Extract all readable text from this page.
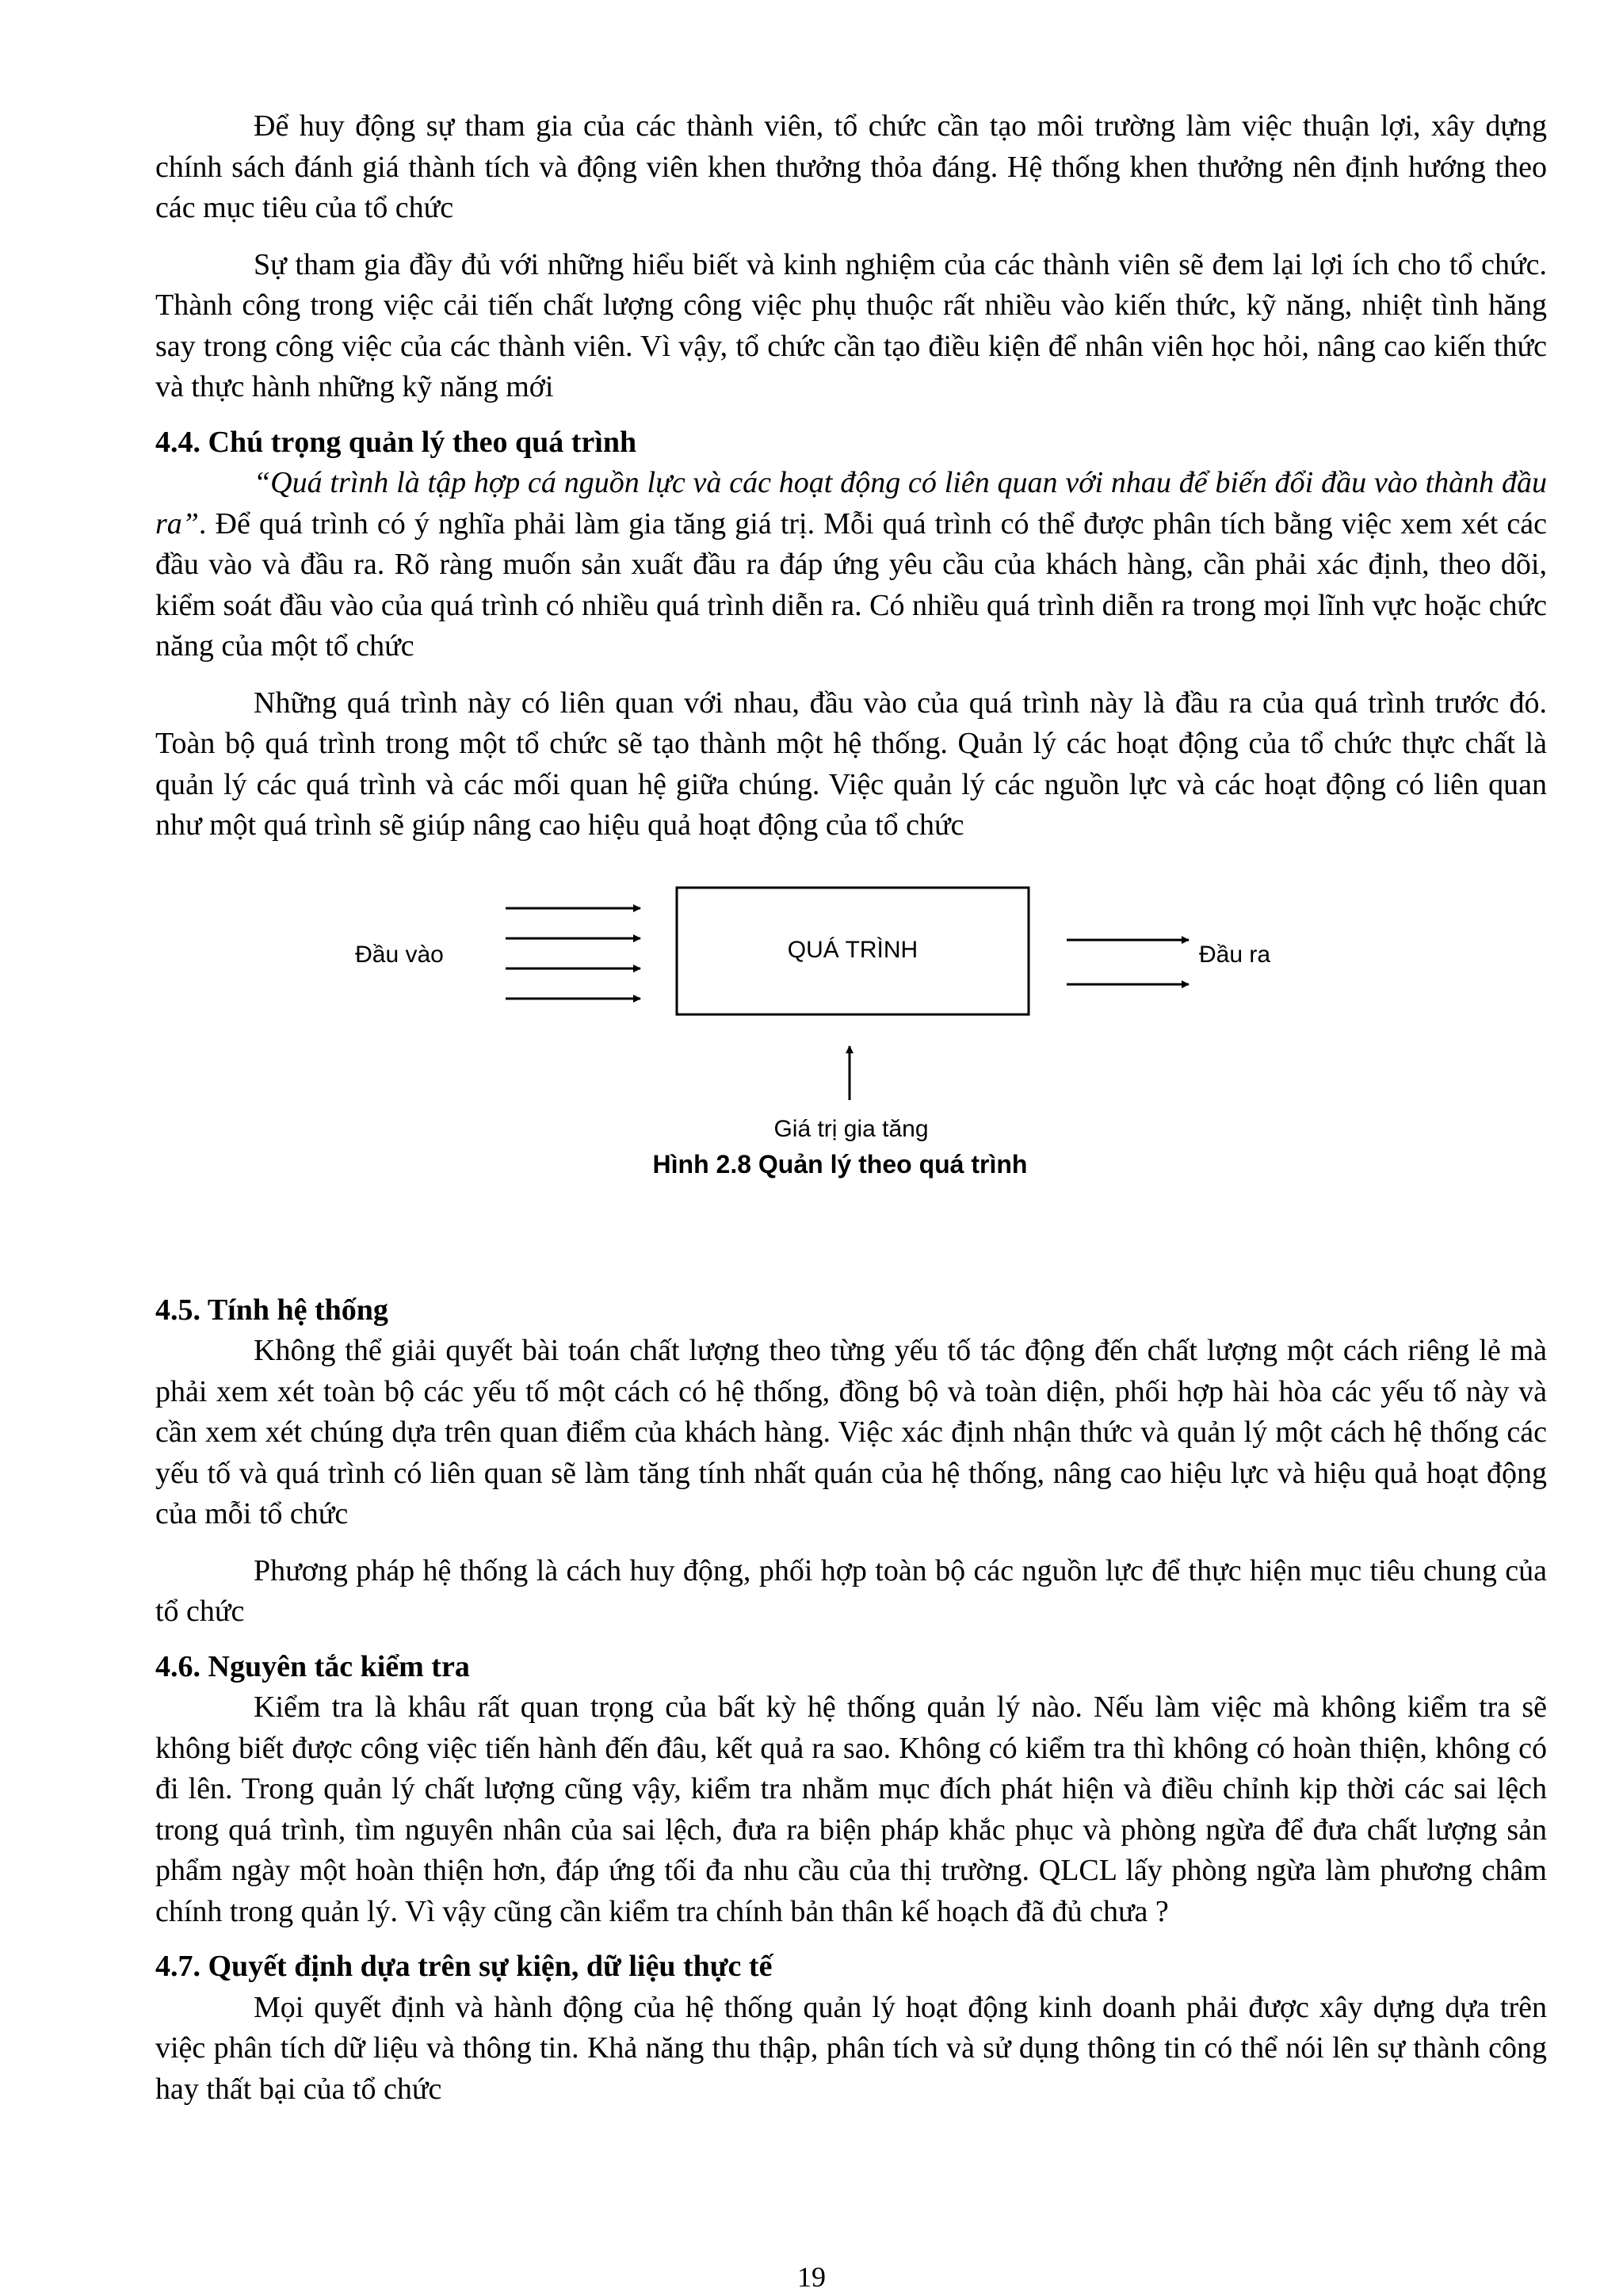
Để huy động sự tham gia của các thành viên, tổ chức cần tạo môi trường làm việc thuận lợi, xây dựng chính sách đánh giá thành tích và động viên khen thưởng thỏa đáng. Hệ thống khen thưởng nên định hướng theo các mục tiêu của tổ chức

Sự tham gia đầy đủ với những hiểu biết và kinh nghiệm của các thành viên sẽ đem lại lợi ích cho tổ chức. Thành công trong việc cải tiến chất lượng công việc phụ thuộc rất nhiều vào kiến thức, kỹ năng, nhiệt tình hăng say trong công việc của các thành viên. Vì vậy, tổ chức cần tạo điều kiện để nhân viên học hỏi, nâng cao kiến thức và thực hành những kỹ năng mới

4.4. Chú trọng quản lý theo quá trình

“Quá trình là tập hợp cá nguồn lực và các hoạt động có liên quan với nhau để biến đổi đầu vào thành đầu ra”. Để quá trình có ý nghĩa phải làm gia tăng giá trị. Mỗi quá trình có thể được phân tích bằng việc xem xét các đầu vào và đầu ra. Rõ ràng muốn sản xuất đầu ra đáp ứng yêu cầu của khách hàng, cần phải xác định, theo dõi, kiểm soát đầu vào của quá trình có nhiều quá trình diễn ra. Có nhiều quá trình diễn ra trong mọi lĩnh vực hoặc chức năng của một tổ chức

Những quá trình này có liên quan với nhau, đầu vào của quá trình này là đầu ra của quá trình trước đó. Toàn bộ quá trình trong một tổ chức sẽ tạo thành một hệ thống. Quản lý các hoạt động của tổ chức thực chất là quản lý các quá trình và các mối quan hệ giữa chúng. Việc quản lý các nguồn lực và các hoạt động có liên quan như một quá trình sẽ giúp nâng cao hiệu quả hoạt động của tổ chức

Đầu vào	QUÁ TRÌNH	Đầu ra
Giá trị gia tăng
Hình 2.8 Quản lý theo quá trình
4.5. Tính hệ thống

Không thể giải quyết bài toán chất lượng theo từng yếu tố tác động đến chất lượng một cách riêng lẻ mà phải xem xét toàn bộ các yếu tố một cách có hệ thống, đồng bộ và toàn diện, phối hợp hài hòa các yếu tố này và cần xem xét chúng dựa trên quan điểm của khách hàng. Việc xác định nhận thức và quản lý một cách hệ thống các yếu tố và quá trình có liên quan sẽ làm tăng tính nhất quán của hệ thống, nâng cao hiệu lực và hiệu quả hoạt động của mỗi tổ chức

Phương pháp hệ thống là cách huy động, phối hợp toàn bộ các nguồn lực để thực hiện mục tiêu chung của tổ chức

4.6. Nguyên tắc kiểm tra

Kiểm tra là khâu rất quan trọng của bất kỳ hệ thống quản lý nào. Nếu làm việc mà không kiểm tra sẽ không biết được công việc tiến hành đến đâu, kết quả ra sao. Không có kiểm tra thì không có hoàn thiện, không có đi lên. Trong quản lý chất lượng cũng vậy, kiểm tra nhằm mục đích phát hiện và điều chỉnh kịp thời các sai lệch trong quá trình, tìm nguyên nhân của sai lệch, đưa ra biện pháp khắc phục và phòng ngừa để đưa chất lượng sản phẩm ngày một hoàn thiện hơn, đáp ứng tối đa nhu cầu của thị trường. QLCL lấy phòng ngừa làm phương châm chính trong quản lý. Vì vậy cũng cần kiểm tra chính bản thân kế hoạch đã đủ chưa ?

4.7. Quyết định dựa trên sự kiện, dữ liệu thực tế

Mọi quyết định và hành động của hệ thống quản lý hoạt động kinh doanh phải được xây dựng dựa trên việc phân tích dữ liệu và thông tin. Khả năng thu thập, phân tích và sử dụng thông tin có thể nói lên sự thành công hay thất bại của tổ chức

19
